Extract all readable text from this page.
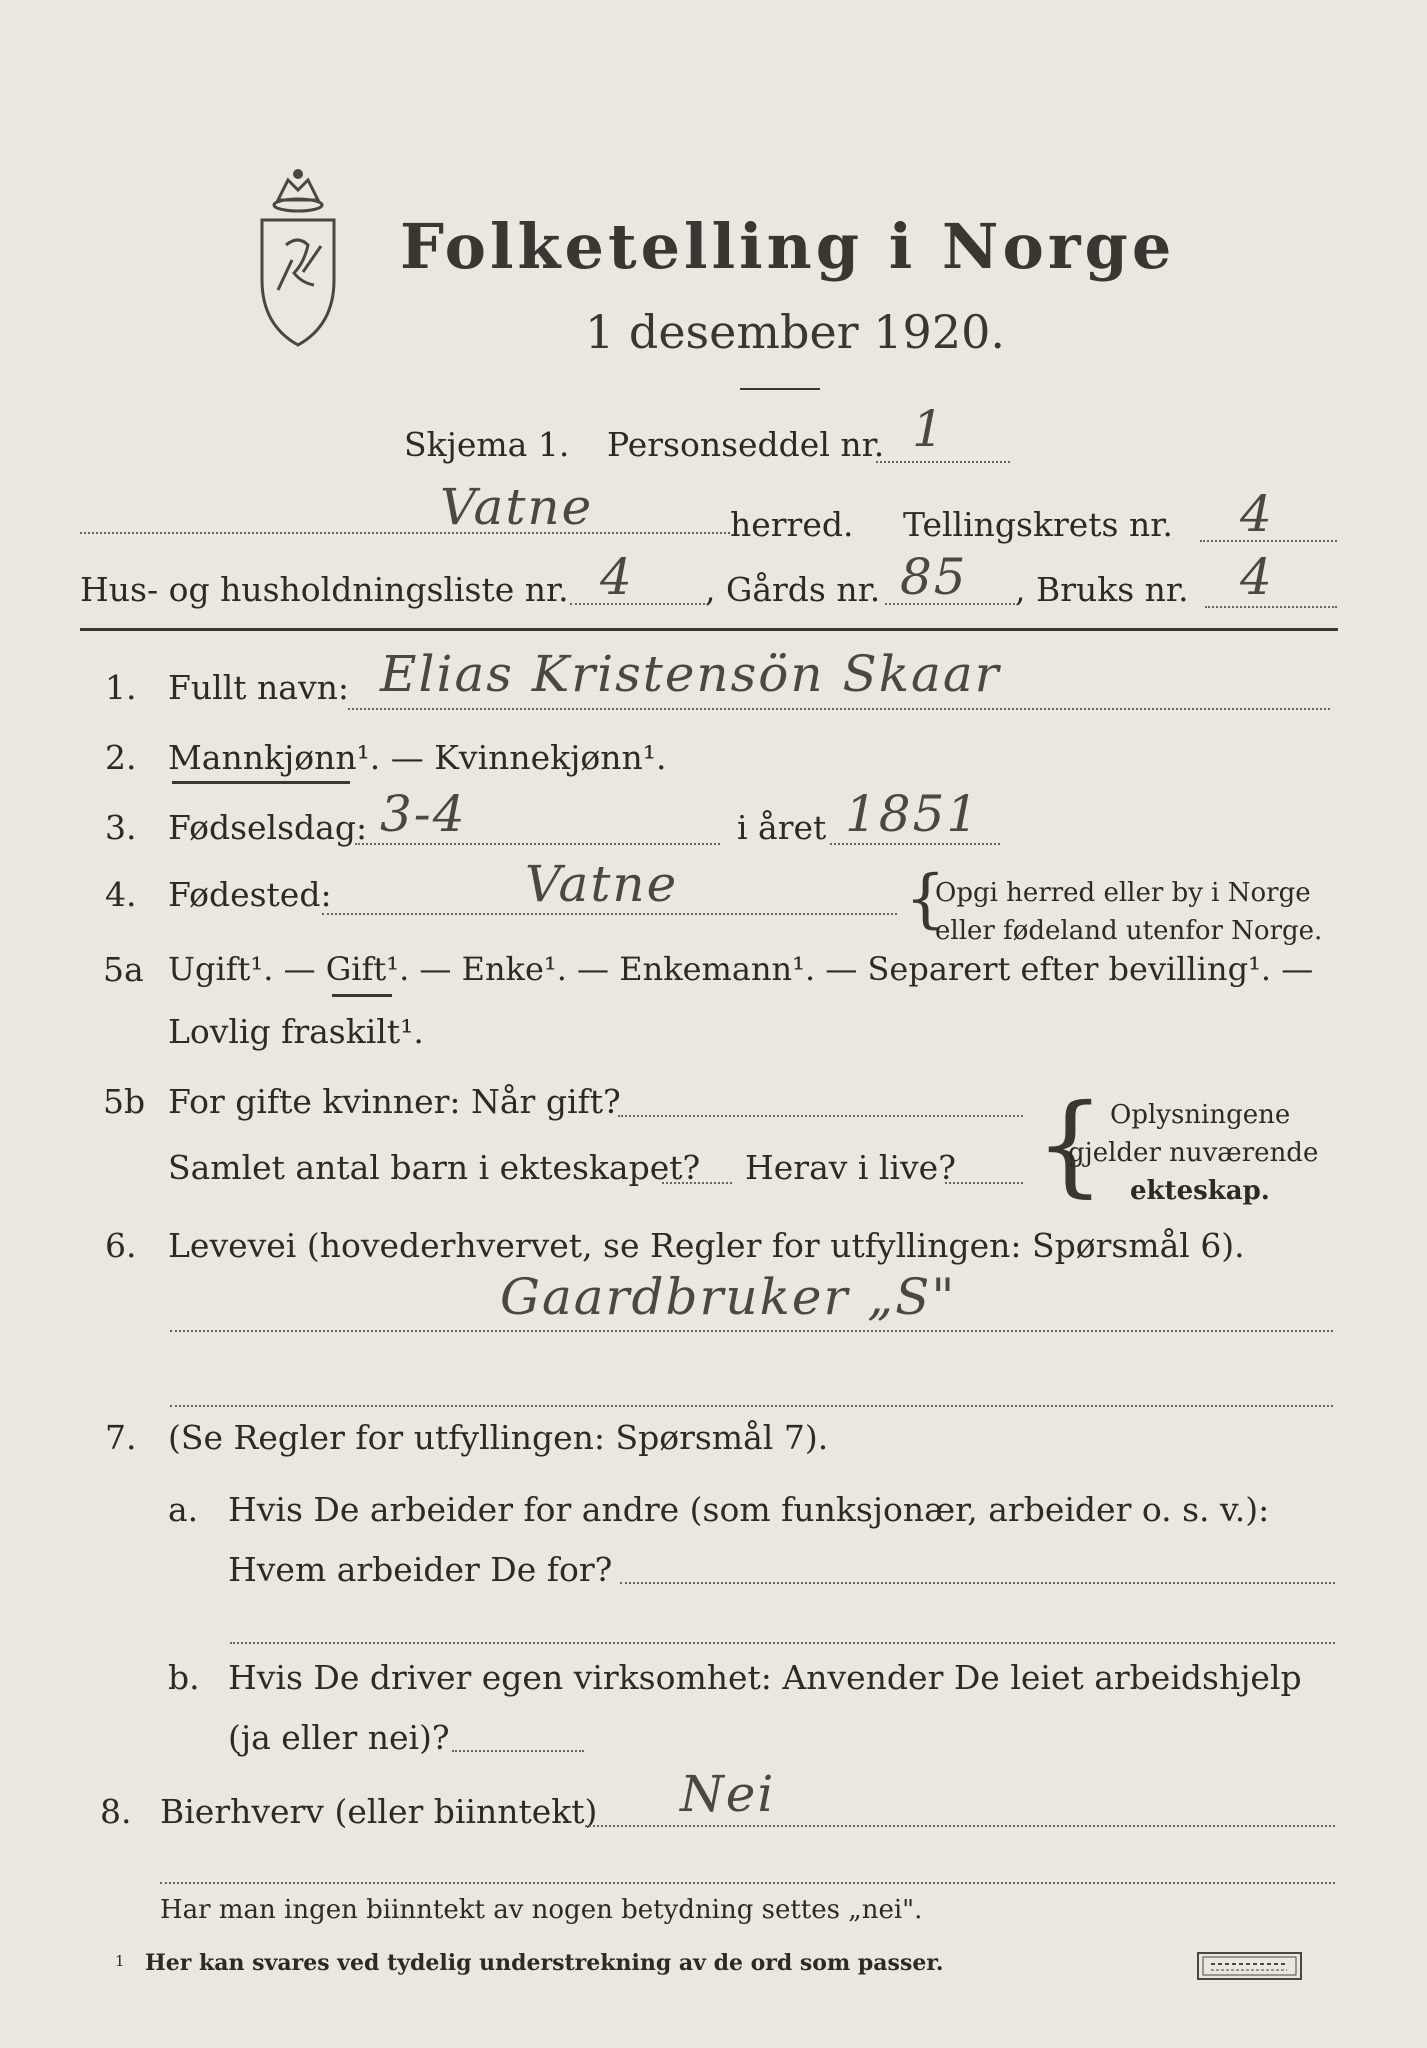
Folketelling i Norge
1 desember 1920.
Skjema 1. Personseddel nr. 1
Vatne	herred. Tellingskrets nr. 4
Hus- og husholdningsliste nr. 4 , Gårds nr. 85 , Bruks nr. 4
1. Fullt navn: Elias Kristensön Skaar
2. Mannkjønn¹. — Kvinnekjønn¹.
3. Fødselsdag: 3-4	i året 1851
4. Fødested:	Vatne	{
Opgi herred eller by i Norge
eller fødeland utenfor Norge.
5a Ugift¹. — Gift¹. — Enke¹. — Enkemann¹. — Separert efter bevilling¹. —
Lovlig fraskilt¹.
5b For gifte kvinner: Når gift?
Samlet antal barn i ekteskapet? Herav i live? { Oplysningene
gjelder nuværende
ekteskap.
6. Levevei (hovederhvervet, se Regler for utfyllingen: Spørsmål 6).
Gaardbruker „S"
7. (Se Regler for utfyllingen: Spørsmål 7).
a. Hvis De arbeider for andre (som funksjonær, arbeider o. s. v.):
Hvem arbeider De for?
b. Hvis De driver egen virksomhet: Anvender De leiet arbeidshjelp
(ja eller nei)?
8. Bierhverv (eller biinntekt) Nei
Har man ingen biinntekt av nogen betydning settes „nei".
1 Her kan svares ved tydelig understrekning av de ord som passer.
